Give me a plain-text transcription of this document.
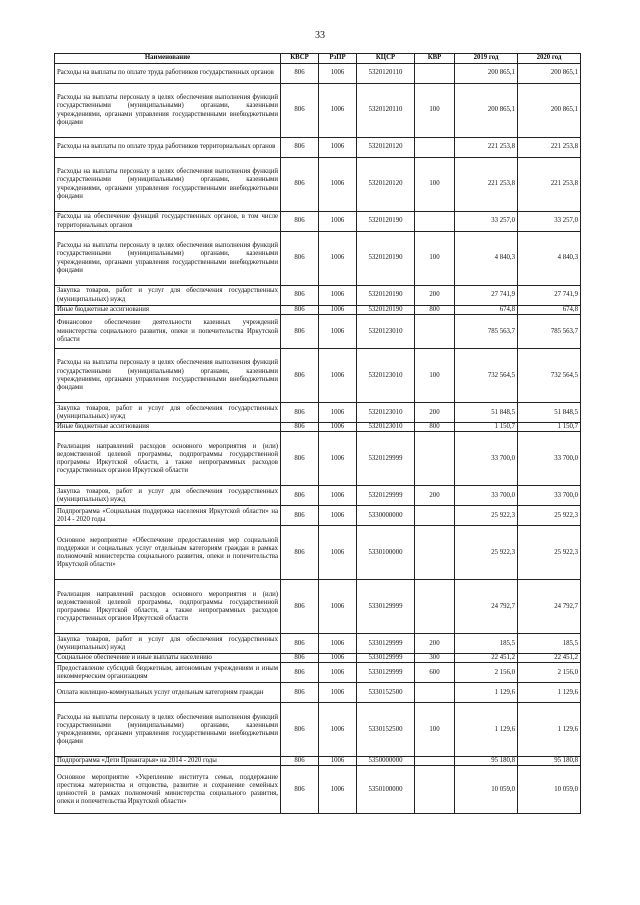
33
Наименование	КВСР	РзПР	КЦСР	КВР	2019 год	2020 год
Расходы на выплаты по оплате труда работников государственных органов	806	1006	5320120110		200 865,1	200 865,1
Расходы на выплаты персоналу в целях обеспечения выполнения функций государственными (муниципальными) органами, казенными учреждениями, органами управления государственными внебюджетными фондами	806	1006	5320120110	100	200 865,1	200 865,1
Расходы на выплаты по оплате труда работников территориальных органов	806	1006	5320120120		221 253,8	221 253,8
Расходы на выплаты персоналу в целях обеспечения выполнения функций государственными (муниципальными) органами, казенными учреждениями, органами управления государственными внебюджетными фондами	806	1006	5320120120	100	221 253,8	221 253,8
Расходы на обеспечение функций государственных органов, в том числе территориальных органов	806	1006	5320120190		33 257,0	33 257,0
Расходы на выплаты персоналу в целях обеспечения выполнения функций государственными (муниципальными) органами, казенными учреждениями, органами управления государственными внебюджетными фондами	806	1006	5320120190	100	4 840,3	4 840,3
Закупка товаров, работ и услуг для обеспечения государственных (муниципальных) нужд	806	1006	5320120190	200	27 741,9	27 741,9
Иные бюджетные ассигнования	806	1006	5320120190	800	674,8	674,8
Финансовое обеспечение деятельности казенных учреждений министерства социального развития, опеки и попечительства Иркутской области	806	1006	5320123010		785 563,7	785 563,7
Расходы на выплаты персоналу в целях обеспечения выполнения функций государственными (муниципальными) органами, казенными учреждениями, органами управления государственными внебюджетными фондами	806	1006	5320123010	100	732 564,5	732 564,5
Закупка товаров, работ и услуг для обеспечения государственных (муниципальных) нужд	806	1006	5320123010	200	51 848,5	51 848,5
Иные бюджетные ассигнования	806	1006	5320123010	800	1 150,7	1 150,7
Реализация направлений расходов основного мероприятия и (или) ведомственной целевой программы, подпрограммы государственной программы Иркутской области, а также непрограммных расходов государственных органов Иркутской области	806	1006	5320129999		33 700,0	33 700,0
Закупка товаров, работ и услуг для обеспечения государственных (муниципальных) нужд	806	1006	5320129999	200	33 700,0	33 700,0
Подпрограмма «Социальная поддержка населения Иркутской области» на 2014 - 2020 годы	806	1006	5330000000		25 922,3	25 922,3
Основное мероприятие «Обеспечение предоставления мер социальной поддержки и социальных услуг отдельным категориям граждан в рамках полномочий министерства социального развития, опеки и попечительства Иркутской области»	806	1006	5330100000		25 922,3	25 922,3
Реализация направлений расходов основного мероприятия и (или) ведомственной целевой программы, подпрограммы государственной программы Иркутской области, а также непрограммных расходов государственных органов Иркутской области	806	1006	5330129999		24 792,7	24 792,7
Закупка товаров, работ и услуг для обеспечения государственных (муниципальных) нужд	806	1006	5330129999	200	185,5	185,5
Социальное обеспечение и иные выплаты населению	806	1006	5330129999	300	22 451,2	22 451,2
Предоставление субсидий бюджетным, автономным учреждениям и иным некоммерческим организациям	806	1006	5330129999	600	2 156,0	2 156,0
Оплата жилищно-коммунальных услуг отдельным категориям граждан	806	1006	5330152500		1 129,6	1 129,6
Расходы на выплаты персоналу в целях обеспечения выполнения функций государственными (муниципальными) органами, казенными учреждениями, органами управления государственными внебюджетными фондами	806	1006	5330152500	100	1 129,6	1 129,6
Подпрограмма «Дети Приангарья» на 2014 - 2020 годы	806	1006	5350000000		95 180,8	95 180,8
Основное мероприятие «Укрепление института семьи, поддержание престижа материнства и отцовства, развитие и сохранение семейных ценностей в рамках полномочий министерства социального развития, опеки и попечительства Иркутской области»	806	1006	5350100000		10 059,0	10 059,0
